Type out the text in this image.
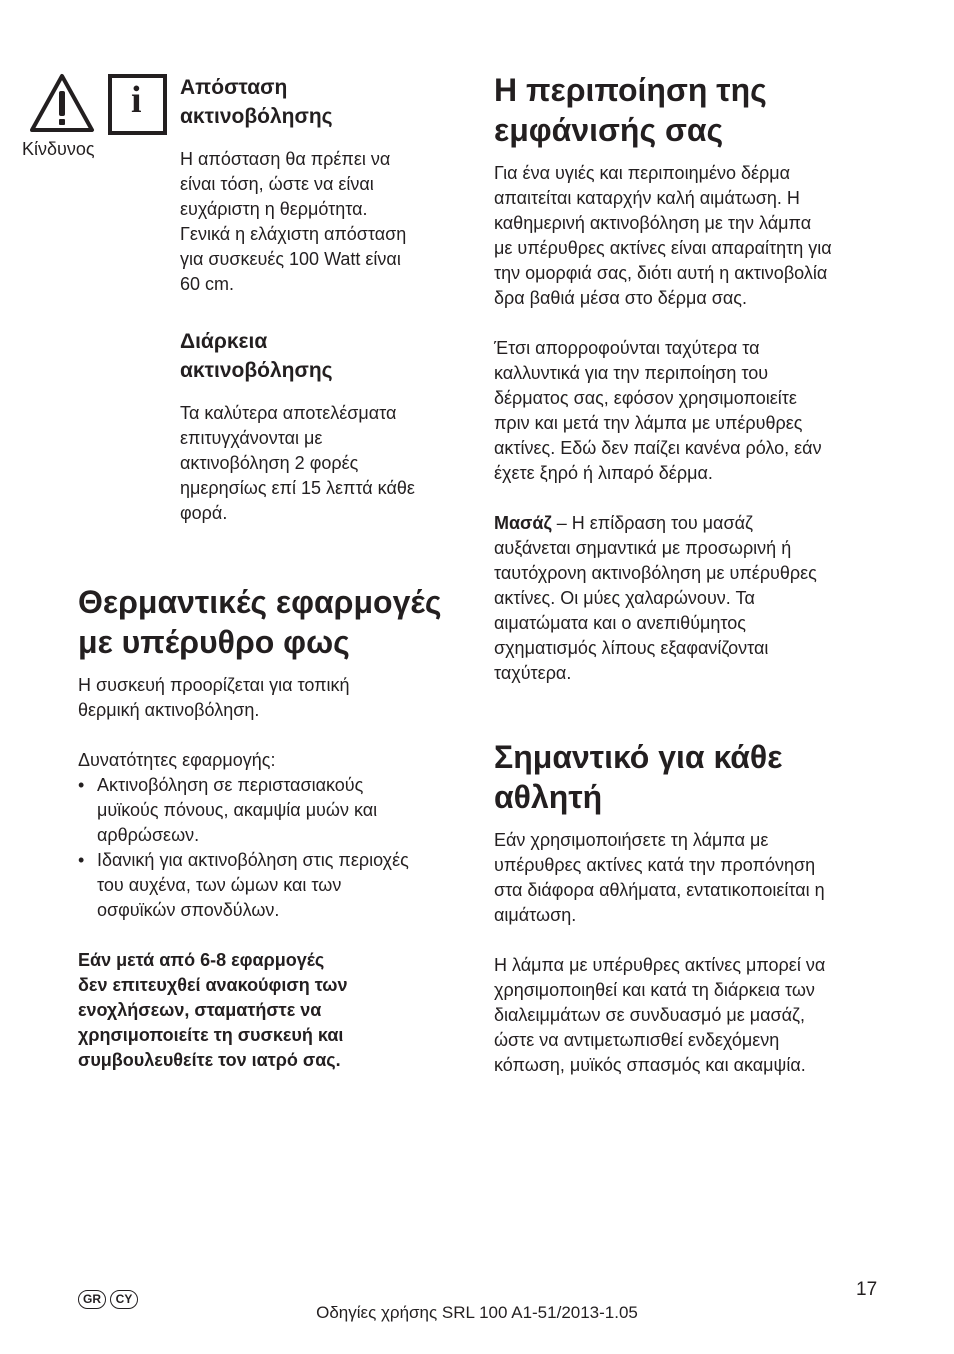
i
Κίνδυνος
Απόσταση
ακτινοβόλησης
Η απόσταση θα πρέπει να
είναι τόση, ώστε να είναι
ευχάριστη η θερμότητα.
Γενικά η ελάχιστη απόσταση
για συσκευές 100 Watt είναι
60 cm.
Διάρκεια
ακτινοβόλησης
Τα καλύτερα αποτελέσματα
επιτυγχάνονται με
ακτινοβόληση 2 φορές
ημερησίως επί 15 λεπτά κάθε
φορά.
Θερμαντικές εφαρμογές
με υπέρυθρο φως
Η συσκευή προορίζεται για τοπική
θερμική ακτινοβόληση.
Δυνατότητες εφαρμογής:
• Ακτινοβόληση σε περιστασιακούς
μυϊκούς πόνους, ακαμψία μυών και
αρθρώσεων.
• Ιδανική για ακτινοβόληση στις περιοχές
του αυχένα, των ώμων και των
οσφυϊκών σπονδύλων.
Εάν μετά από 6-8 εφαρμογές
δεν επιτευχθεί ανακούφιση των
ενοχλήσεων, σταματήστε να
χρησιμοποιείτε τη συσκευή και
συμβουλευθείτε τον ιατρό σας.
Η περιποίηση της
εμφάνισής σας
Για ένα υγιές και περιποιημένο δέρμα
απαιτείται καταρχήν καλή αιμάτωση. Η
καθημερινή ακτινοβόληση με την λάμπα
με υπέρυθρες ακτίνες είναι απαραίτητη για
την ομορφιά σας, διότι αυτή η ακτινοβολία
δρα βαθιά μέσα στο δέρμα σας.
Έτσι απορροφούνται ταχύτερα τα
καλλυντικά για την περιποίηση του
δέρματος σας, εφόσον χρησιμοποιείτε
πριν και μετά την λάμπα με υπέρυθρες
ακτίνες. Εδώ δεν παίζει κανένα ρόλο, εάν
έχετε ξηρό ή λιπαρό δέρμα.
Μασάζ – Η επίδραση του μασάζ
αυξάνεται σημαντικά με προσωρινή ή
ταυτόχρονη ακτινοβόληση με υπέρυθρες
ακτίνες. Οι μύες χαλαρώνουν. Τα
αιματώματα και ο ανεπιθύμητος
σχηματισμός λίπους εξαφανίζονται
ταχύτερα.
Σημαντικό για κάθε
αθλητή
Εάν χρησιμοποιήσετε τη λάμπα με
υπέρυθρες ακτίνες κατά την προπόνηση
στα διάφορα αθλήματα, εντατικοποιείται η
αιμάτωση.
Η λάμπα με υπέρυθρες ακτίνες μπορεί να
χρησιμοποιηθεί και κατά τη διάρκεια των
διαλειμμάτων σε συνδυασμό με μασάζ,
ώστε να αντιμετωπισθεί ενδεχόμενη
κόπωση, μυϊκός σπασμός και ακαμψία.
GR	CY	17
Οδηγίες χρήσης SRL 100 A1-51/2013-1.05
